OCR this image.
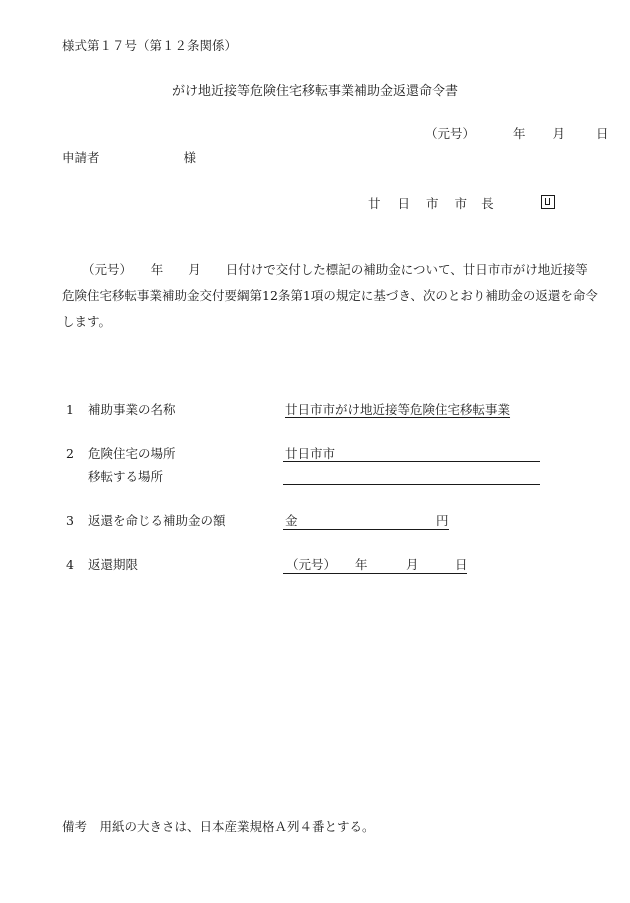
様式第１７号（第１２条関係）
がけ地近接等危険住宅移転事業補助金返還命令書
（元号）	年 月 日
申請者	様
廿 日 市 市 長

（元号）　　年　　月　　日付けで交付した標記の補助金について、廿日市市がけ地近接等

危険住宅移転事業補助金交付要綱第12条第1項の規定に基づき、次のとおり補助金の返還を命令

します。

1 補助事業の名称	廿日市市がけ地近接等危険住宅移転事業
2 危険住宅の場所	廿日市市
移転する場所
3 返還を命じる補助金の額	金	円
4 返還期限	（元号） 年	月	日
備考　用紙の大きさは、日本産業規格Ａ列４番とする。
